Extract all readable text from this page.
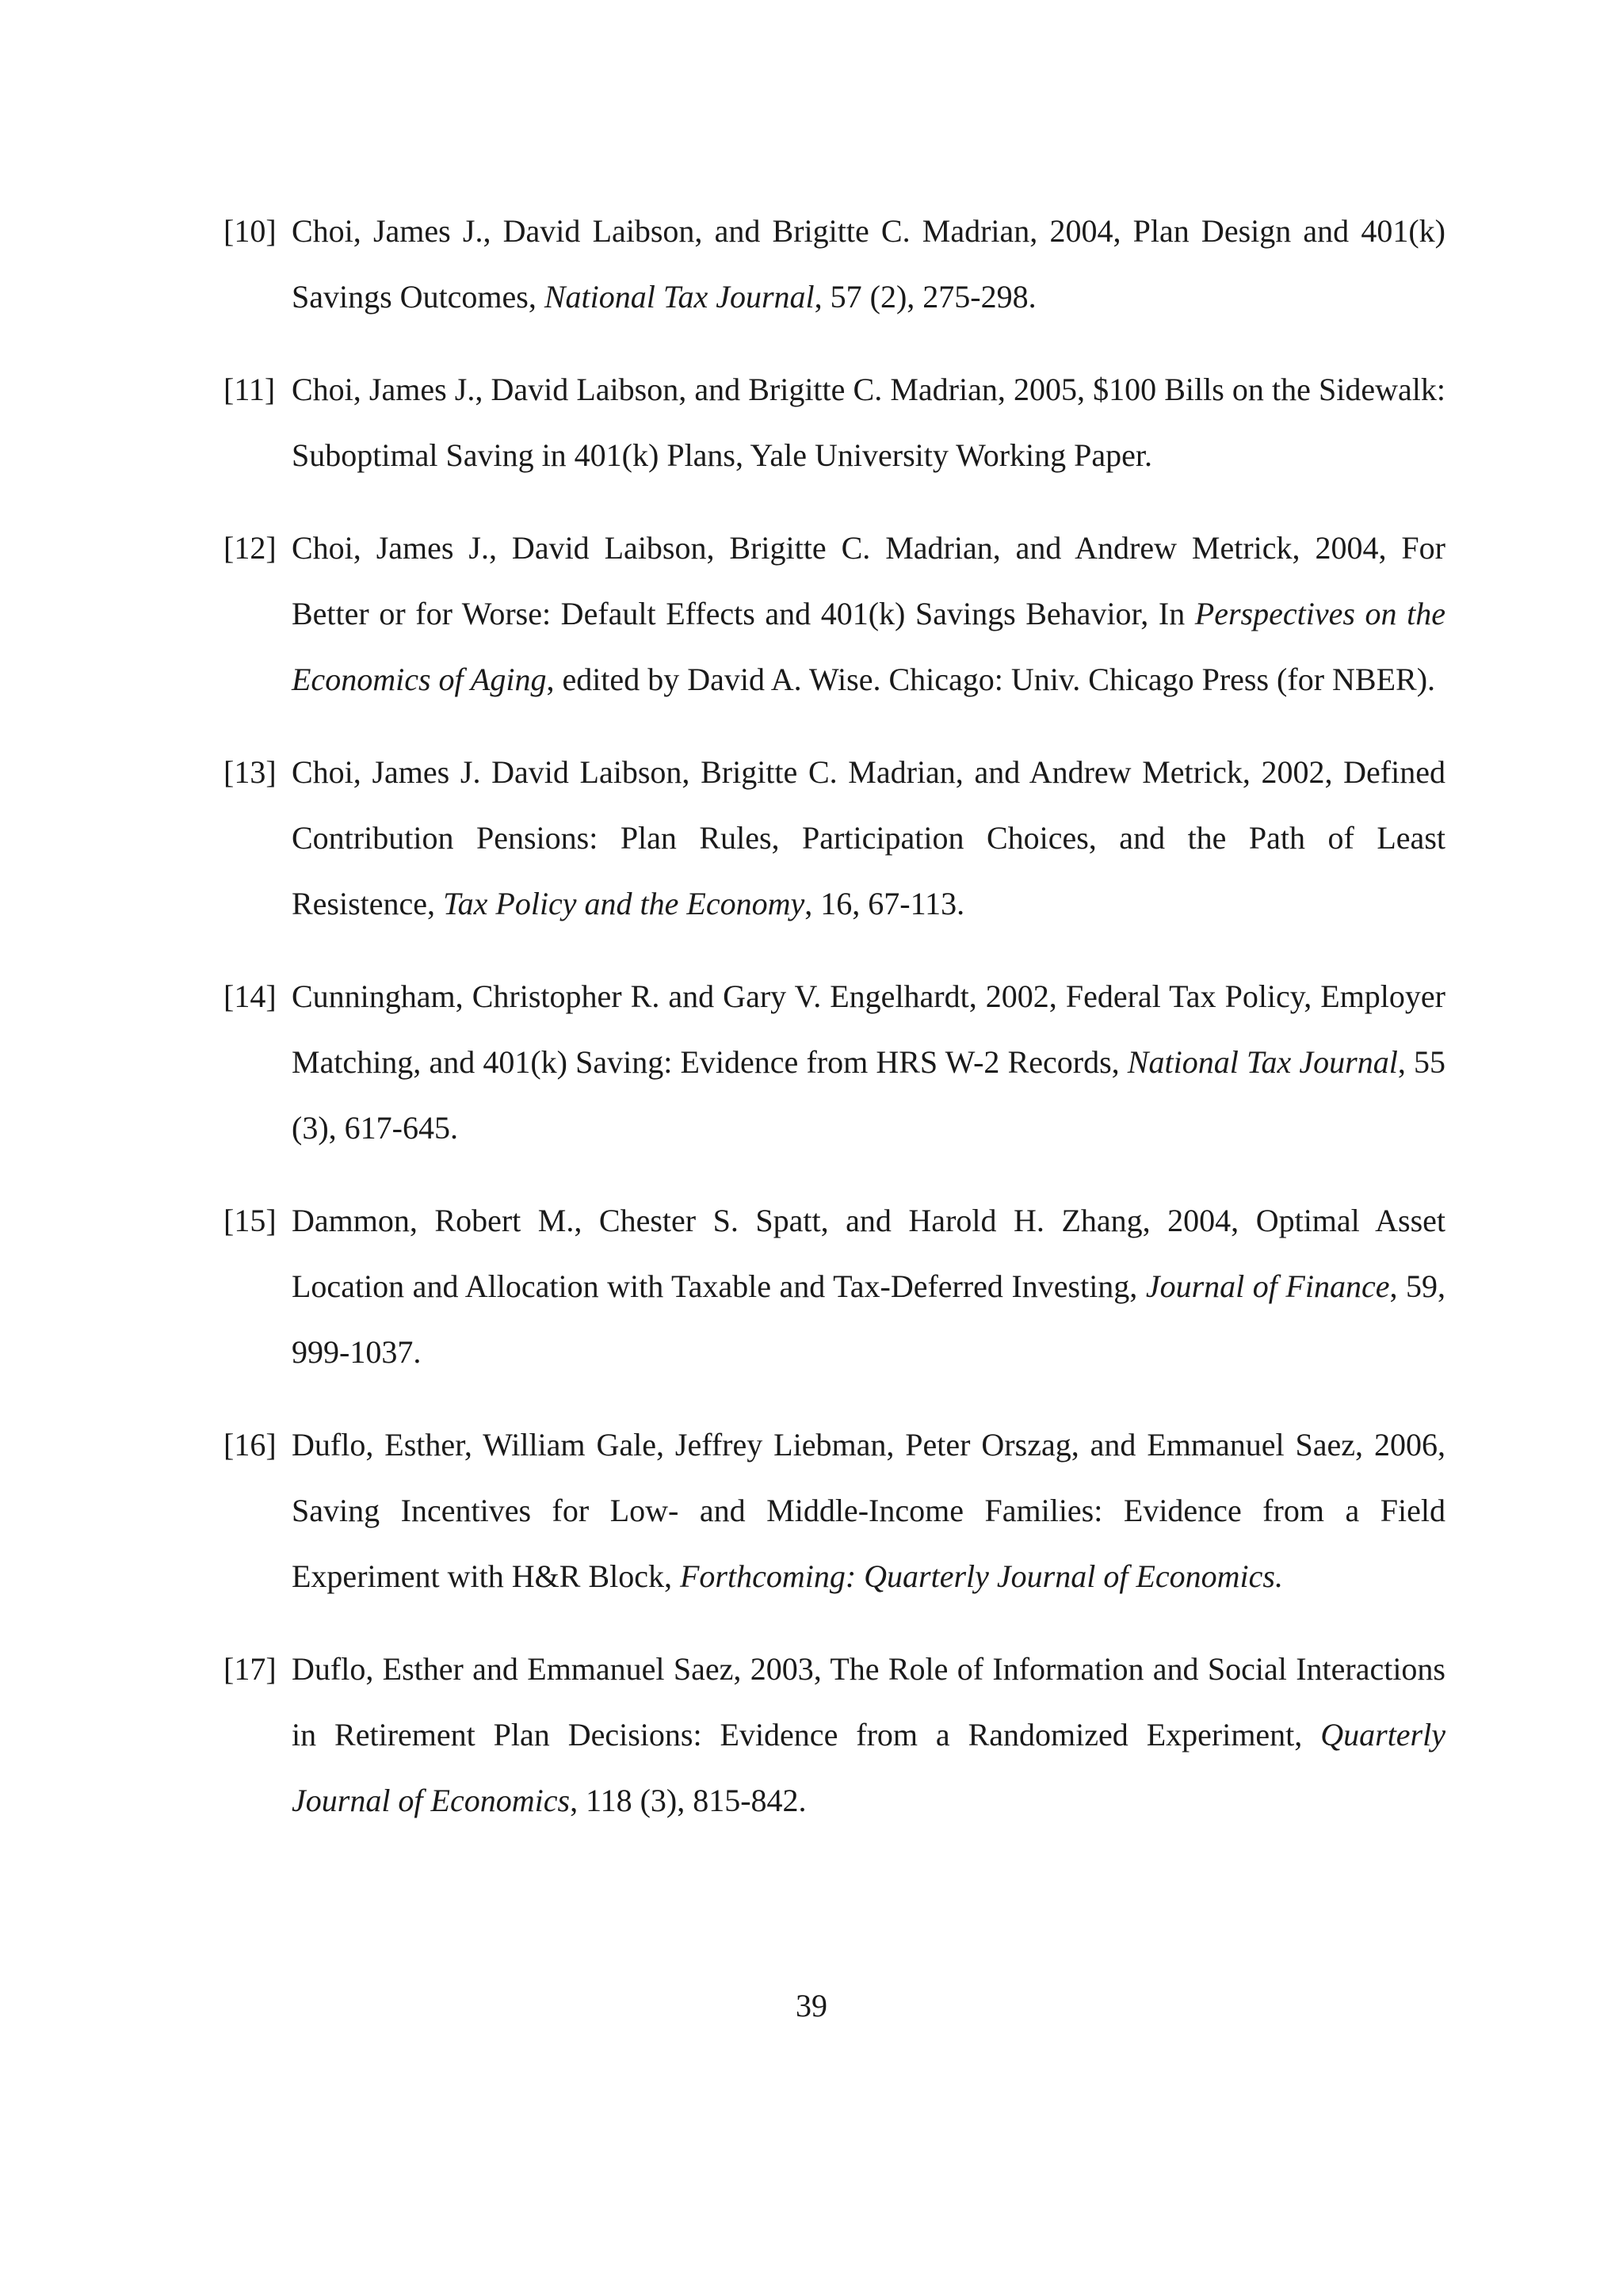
[10] Choi, James J., David Laibson, and Brigitte C. Madrian, 2004, Plan Design and 401(k) Savings Outcomes, National Tax Journal, 57 (2), 275-298.
[11] Choi, James J., David Laibson, and Brigitte C. Madrian, 2005, $100 Bills on the Sidewalk: Suboptimal Saving in 401(k) Plans, Yale University Working Paper.
[12] Choi, James J., David Laibson, Brigitte C. Madrian, and Andrew Metrick, 2004, For Better or for Worse: Default Effects and 401(k) Savings Behavior, In Perspectives on the Economics of Aging, edited by David A. Wise. Chicago: Univ. Chicago Press (for NBER).
[13] Choi, James J. David Laibson, Brigitte C. Madrian, and Andrew Metrick, 2002, Defined Contribution Pensions: Plan Rules, Participation Choices, and the Path of Least Resistence, Tax Policy and the Economy, 16, 67-113.
[14] Cunningham, Christopher R. and Gary V. Engelhardt, 2002, Federal Tax Policy, Employer Matching, and 401(k) Saving: Evidence from HRS W-2 Records, National Tax Journal, 55 (3), 617-645.
[15] Dammon, Robert M., Chester S. Spatt, and Harold H. Zhang, 2004, Optimal Asset Location and Allocation with Taxable and Tax-Deferred Investing, Journal of Finance, 59, 999-1037.
[16] Duflo, Esther, William Gale, Jeffrey Liebman, Peter Orszag, and Emmanuel Saez, 2006, Saving Incentives for Low- and Middle-Income Families: Evidence from a Field Experiment with H&R Block, Forthcoming: Quarterly Journal of Economics.
[17] Duflo, Esther and Emmanuel Saez, 2003, The Role of Information and Social Interactions in Retirement Plan Decisions: Evidence from a Randomized Experiment, Quarterly Journal of Economics, 118 (3), 815-842.
39
